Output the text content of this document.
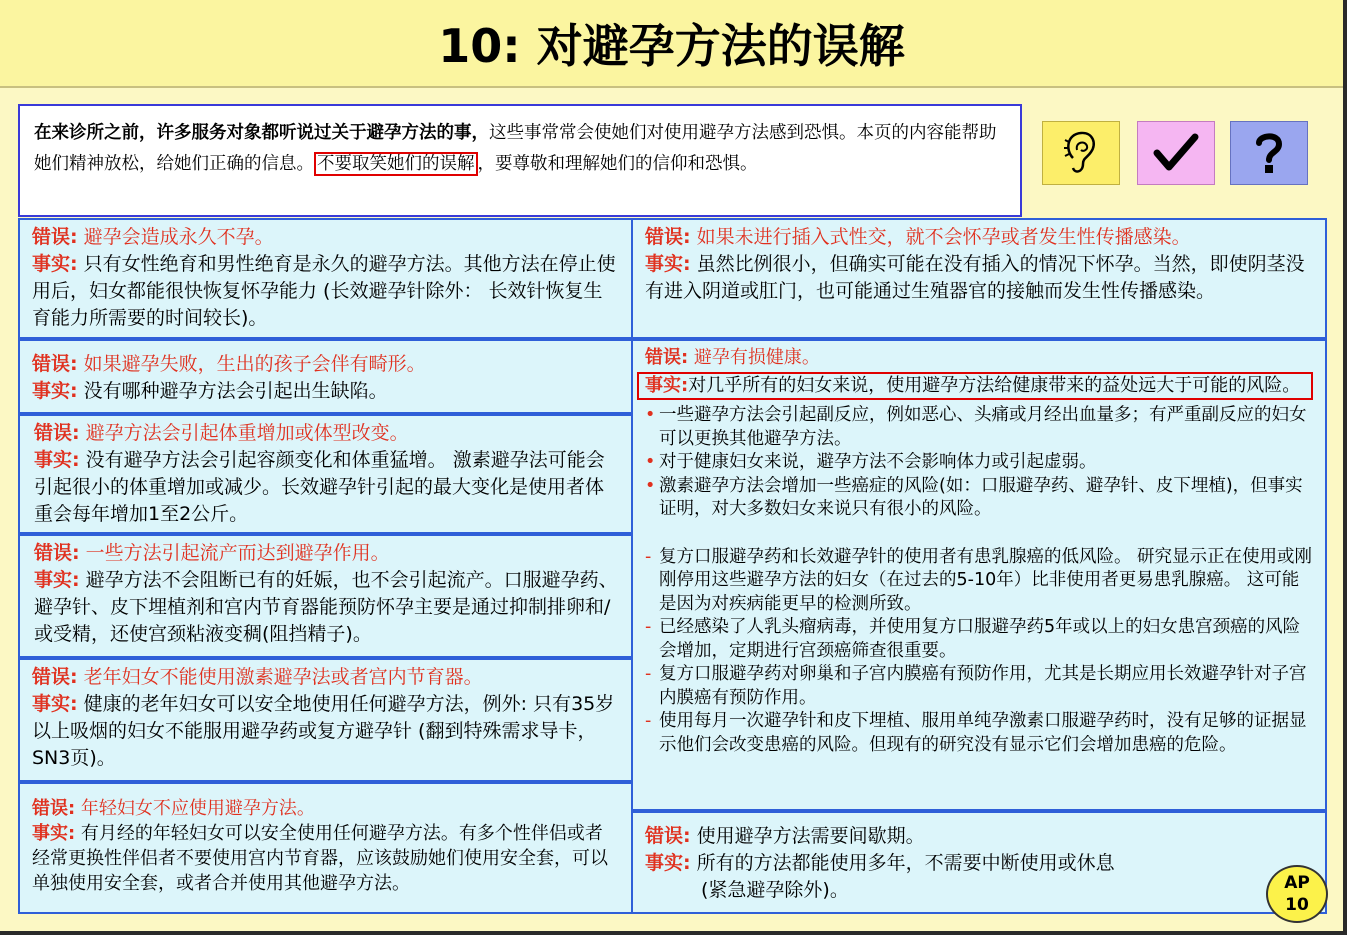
10: 对避孕方法的误解
在来诊所之前，许多服务对象都听说过关于避孕方法的事，这些事常常会使她们对使用避孕方法感到恐惧。本页的内容能帮助她们精神放松，给她们正确的信息。 不要取笑她们的误解 ，要尊敬和理解她们的信仰和恐惧。
错误: 避孕会造成永久不孕。
事实: 只有女性绝育和男性绝育是永久的避孕方法。其他方法在停止使用后，妇女都能很快恢复怀孕能力 (长效避孕针除外： 长效针恢复生育能力所需要的时间较长)。
错误: 如果避孕失败，生出的孩子会伴有畸形。
事实: 没有哪种避孕方法会引起出生缺陷。
错误: 避孕方法会引起体重增加或体型改变。
事实: 没有避孕方法会引起容颜变化和体重猛增。 激素避孕法可能会引起很小的体重增加或减少。长效避孕针引起的最大变化是使用者体重会每年增加1至2公斤。
错误: 一些方法引起流产而达到避孕作用。
事实: 避孕方法不会阻断已有的妊娠，也不会引起流产。口服避孕药、避孕针、皮下埋植剂和宫内节育器能预防怀孕主要是通过抑制排卵和/或受精，还使宫颈粘液变稠(阻挡精子)。
错误: 老年妇女不能使用激素避孕法或者宫内节育器。
事实: 健康的老年妇女可以安全地使用任何避孕方法，例外: 只有35岁以上吸烟的妇女不能服用避孕药或复方避孕针 (翻到特殊需求导卡，SN3页)。
错误: 年轻妇女不应使用避孕方法。
事实: 有月经的年轻妇女可以安全使用任何避孕方法。有多个性伴侣或者经常更换性伴侣者不要使用宫内节育器，应该鼓励她们使用安全套，可以单独使用安全套，或者合并使用其他避孕方法。
错误: 如果未进行插入式性交，就不会怀孕或者发生性传播感染。
事实: 虽然比例很小，但确实可能在没有插入的情况下怀孕。当然，即使阴茎没有进入阴道或肛门，也可能通过生殖器官的接触而发生性传播感染。
错误: 避孕有损健康。
事实:对几乎所有的妇女来说，使用避孕方法给健康带来的益处远大于可能的风险。
• 一些避孕方法会引起副反应，例如恶心、头痛或月经出血量多；有严重副反应的妇女可以更换其他避孕方法。
• 对于健康妇女来说，避孕方法不会影响体力或引起虚弱。
• 激素避孕方法会增加一些癌症的风险(如：口服避孕药、避孕针、皮下埋植)，但事实证明，对大多数妇女来说只有很小的风险。
- 复方口服避孕药和长效避孕针的使用者有患乳腺癌的低风险。 研究显示正在使用或刚刚停用这些避孕方法的妇女（在过去的5-10年）比非使用者更易患乳腺癌。 这可能是因为对疾病能更早的检测所致。
- 已经感染了人乳头瘤病毒，并使用复方口服避孕药5年或以上的妇女患宫颈癌的风险会增加，定期进行宫颈癌筛查很重要。
- 复方口服避孕药对卵巢和子宫内膜癌有预防作用，尤其是长期应用长效避孕针对子宫内膜癌有预防作用。
- 使用每月一次避孕针和皮下埋植、服用单纯孕激素口服避孕药时，没有足够的证据显示他们会改变患癌的风险。但现有的研究没有显示它们会增加患癌的危险。
错误: 使用避孕方法需要间歇期。
事实: 所有的方法都能使用多年，不需要中断使用或休息
(紧急避孕除外)。	AP
10
